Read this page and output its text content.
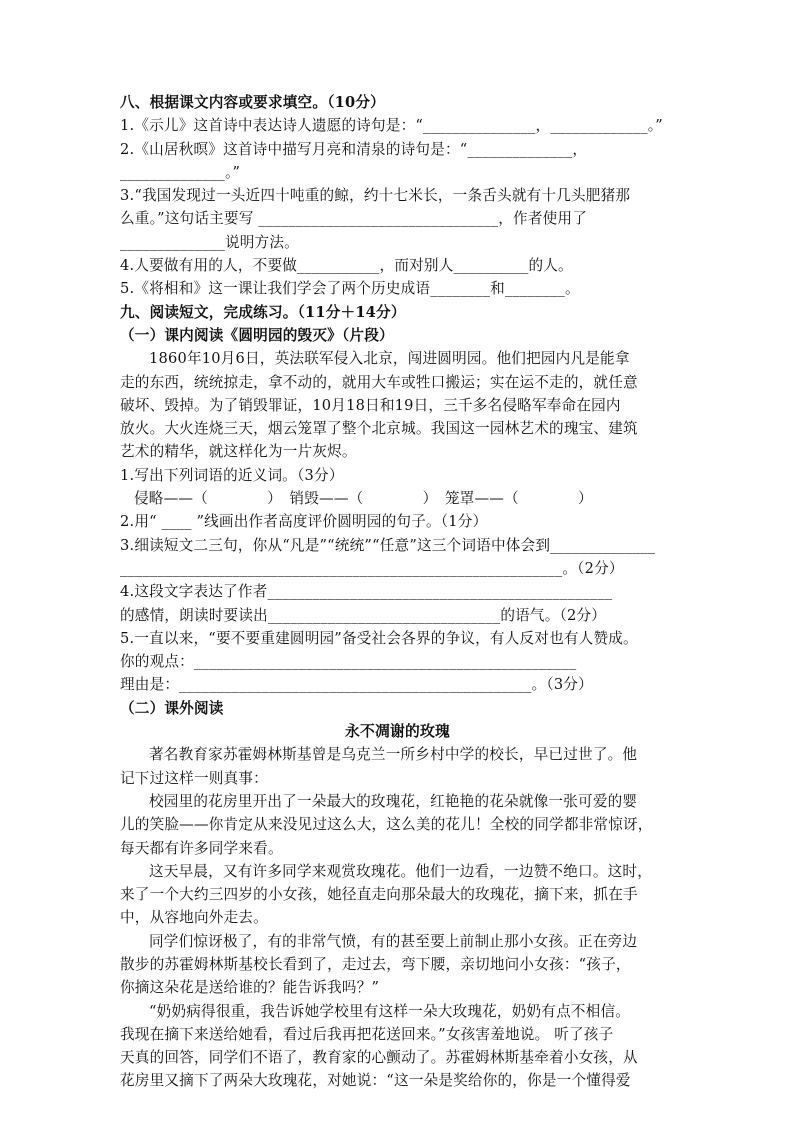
八、根据课文内容或要求填空。（10分）
1.《示儿》这首诗中表达诗人遗愿的诗句是：“_______________，_____________。”
2.《山居秋暝》这首诗中描写月亮和清泉的诗句是：“______________，
______________。”
3.“我国发现过一头近四十吨重的鲸，约十七米长，一条舌头就有十几头肥猪那
么重。”这句话主要写 ________________________________，作者使用了
______________说明方法。
4.人要做有用的人，不要做___________，而对别人__________的人。
5.《将相和》这一课让我们学会了两个历史成语________和________。
九、阅读短文，完成练习。（11分＋14分）
（一）课内阅读《圆明园的毁灭》（片段）
1860年10月6日，英法联军侵入北京，闯进圆明园。他们把园内凡是能拿
走的东西，统统掠走，拿不动的，就用大车或牲口搬运；实在运不走的，就任意
破坏、毁掉。为了销毁罪证，10月18日和19日，三千多名侵略军奉命在园内
放火。大火连烧三天，烟云笼罩了整个北京城。我国这一园林艺术的瑰宝、建筑
艺术的精华，就这样化为一片灰烬。
1.写出下列词语的近义词。（3分）
侵略——（　　　　）　销毁——（　　　　）　笼罩——（　　　　）
2.用“ ____ ”线画出作者高度评价圆明园的句子。（1分）
3.细读短文二三句，你从“凡是”“统统”“任意”这三个词语中体会到______________
___________________________________________________________。（2分）
4.这段文字表达了作者______________________________________________
的感情，朗读时要读出_______________________________的语气。（2分）
5.一直以来，“要不要重建圆明园”备受社会各界的争议，有人反对也有人赞成。
你的观点：___________________________________________________
理由是：_______________________________________________。（3分）
（二）课外阅读
永不凋谢的玫瑰
著名教育家苏霍姆林斯基曾是乌克兰一所乡村中学的校长，早已过世了。他
记下过这样一则真事：
校园里的花房里开出了一朵最大的玫瑰花，红艳艳的花朵就像一张可爱的婴
儿的笑脸——你肯定从来没见过这么大，这么美的花儿！全校的同学都非常惊讶，
每天都有许多同学来看。
这天早晨，又有许多同学来观赏玫瑰花。他们一边看，一边赞不绝口。这时，
来了一个大约三四岁的小女孩，她径直走向那朵最大的玫瑰花，摘下来，抓在手
中，从容地向外走去。
同学们惊讶极了，有的非常气愤，有的甚至要上前制止那小女孩。正在旁边
散步的苏霍姆林斯基校长看到了，走过去，弯下腰，亲切地问小女孩：“孩子，
你摘这朵花是送给谁的？能告诉我吗？”
“奶奶病得很重，我告诉她学校里有这样一朵大玫瑰花，奶奶有点不相信。
我现在摘下来送给她看，看过后我再把花送回来。”女孩害羞地说。 听了孩子
天真的回答，同学们不语了，教育家的心颤动了。苏霍姆林斯基牵着小女孩，从
花房里又摘下了两朵大玫瑰花，对她说：“这一朵是奖给你的，你是一个懂得爱
